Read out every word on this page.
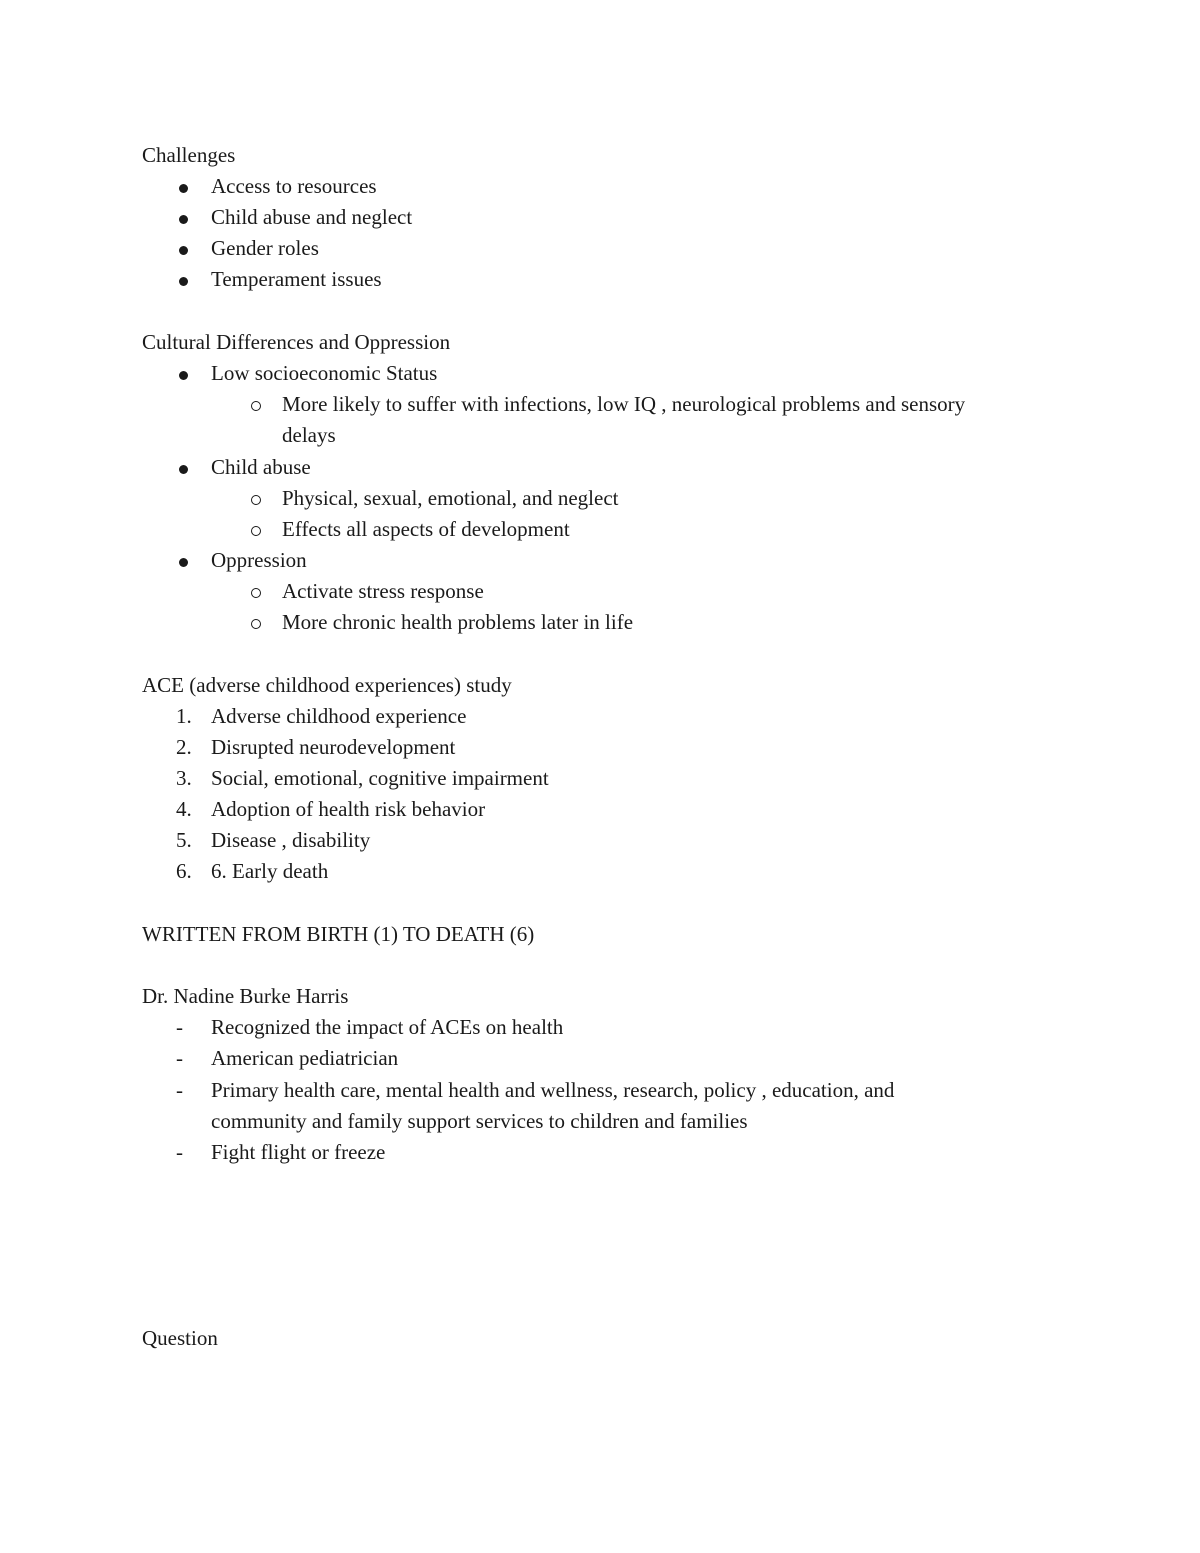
Challenges
Access to resources
Child abuse and neglect
Gender roles
Temperament issues
Cultural Differences and Oppression
Low socioeconomic Status
More likely to suffer with infections, low IQ , neurological problems and sensory
delays
Child abuse
Physical, sexual, emotional, and neglect
Effects all aspects of development
Oppression
Activate stress response
More chronic health problems later in life
ACE (adverse childhood experiences) study
1. Adverse childhood experience
2. Disrupted neurodevelopment
3. Social, emotional, cognitive impairment
4. Adoption of health risk behavior
5. Disease , disability
6. 6. Early death
WRITTEN FROM BIRTH (1) TO DEATH (6)
Dr. Nadine Burke Harris
-	Recognized the impact of ACEs on health
-	American pediatrician
-	Primary health care, mental health and wellness, research, policy , education, and
community and family support services to children and families
-	Fight flight or freeze
Question
